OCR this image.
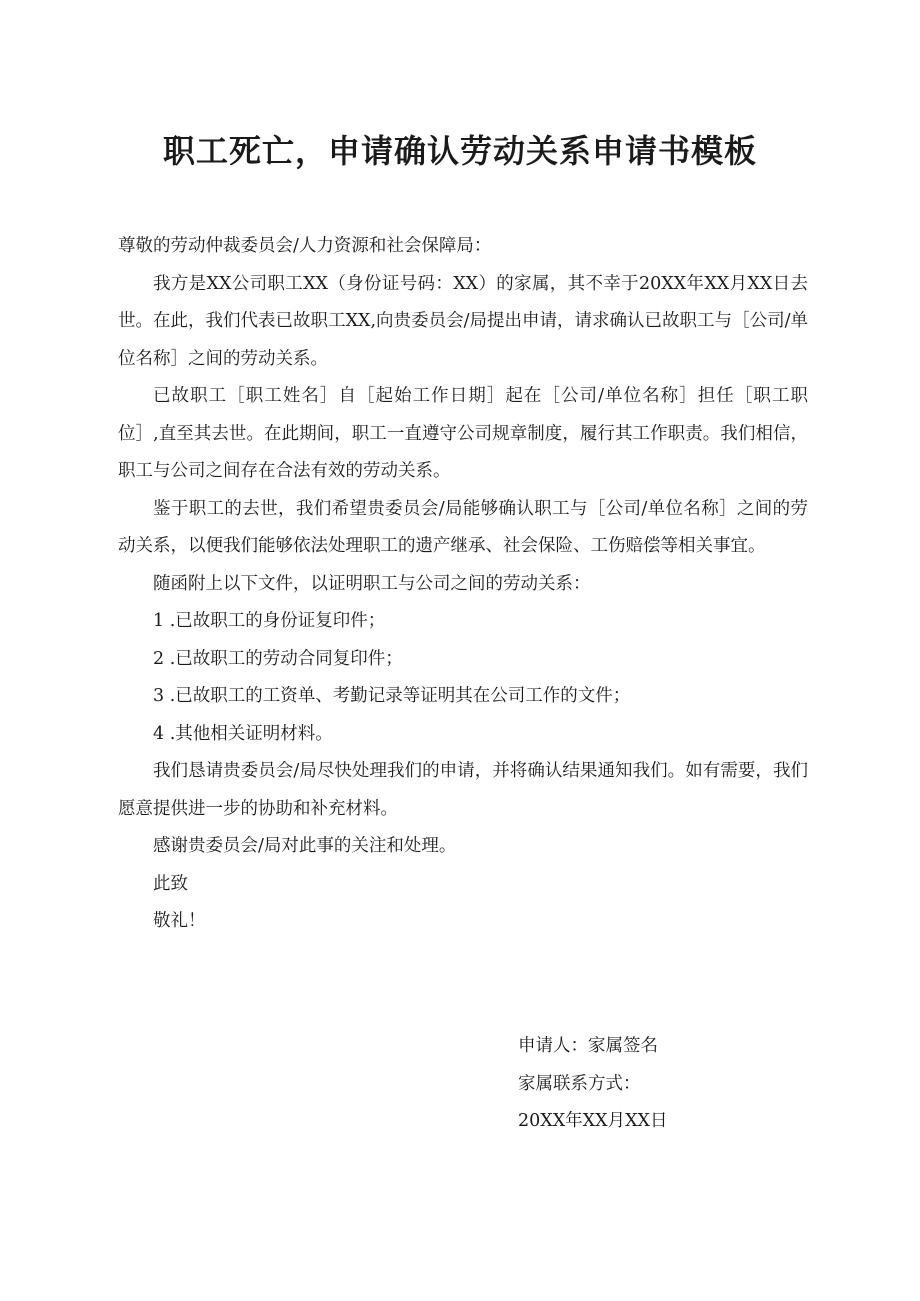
职工死亡，申请确认劳动关系申请书模板

尊敬的劳动仲裁委员会/人力资源和社会保障局：

我方是XX公司职工XX（身份证号码：XX）的家属，其不幸于20XX年XX月XX日去世。在此，我们代表已故职工XX,向贵委员会/局提出申请，请求确认已故职工与［公司/单位名称］之间的劳动关系。

已故职工［职工姓名］自［起始工作日期］起在［公司/单位名称］担任［职工职位］,直至其去世。在此期间，职工一直遵守公司规章制度，履行其工作职责。我们相信，职工与公司之间存在合法有效的劳动关系。

鉴于职工的去世，我们希望贵委员会/局能够确认职工与［公司/单位名称］之间的劳动关系，以便我们能够依法处理职工的遗产继承、社会保险、工伤赔偿等相关事宜。

随函附上以下文件，以证明职工与公司之间的劳动关系：

1 .已故职工的身份证复印件；

2 .已故职工的劳动合同复印件；

3 .已故职工的工资单、考勤记录等证明其在公司工作的文件；

4 .其他相关证明材料。

我们恳请贵委员会/局尽快处理我们的申请，并将确认结果通知我们。如有需要，我们愿意提供进一步的协助和补充材料。

感谢贵委员会/局对此事的关注和处理。

此致

敬礼！

申请人：家属签名

家属联系方式：

20XX年XX月XX日
